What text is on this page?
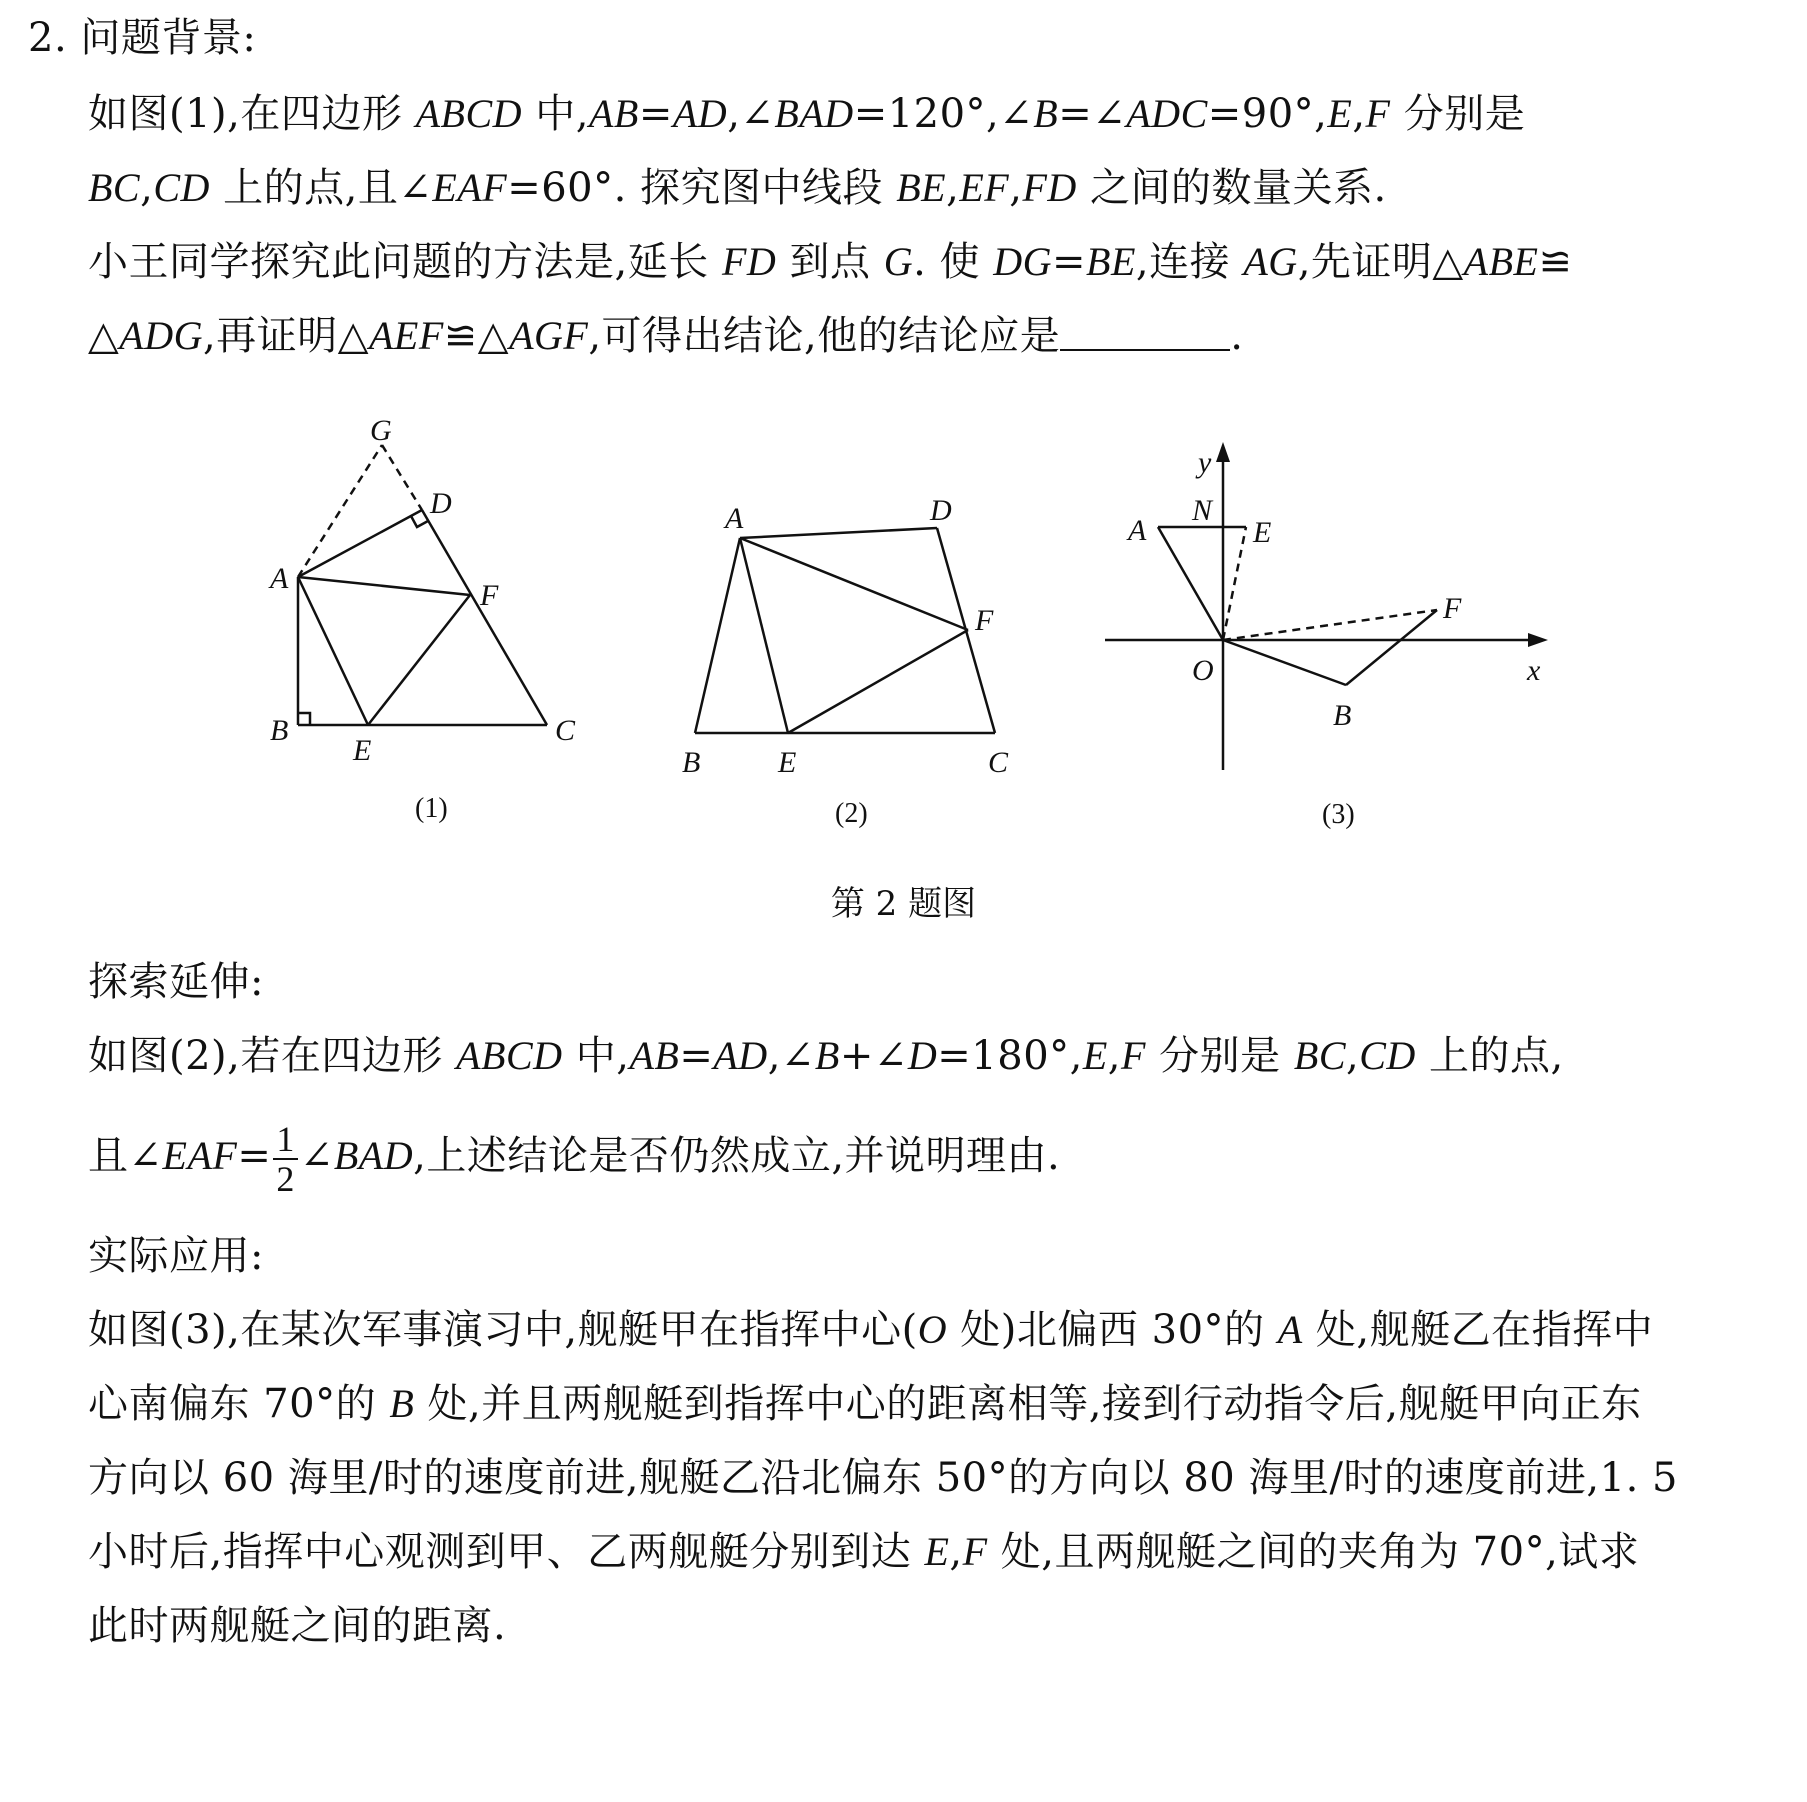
2. 问题背景:
如图(1),在四边形 ABCD 中,AB=AD,∠BAD=120°,∠B=∠ADC=90°,E,F 分别是
BC,CD 上的点,且∠EAF=60°. 探究图中线段 BE,EF,FD 之间的数量关系.
小王同学探究此问题的方法是,延长 FD 到点 G. 使 DG=BE,连接 AG,先证明△ABE≌
△ADG,再证明△AEF≌△AGF,可得出结论,他的结论应是	.
G
D
A
F
B
E
C
(1)
A	D
F
B	E	C
(2)
y
N
A	E
F
O	x
B
(3)
第 2 题图
探索延伸:
如图(2),若在四边形 ABCD 中,AB=AD,∠B+∠D=180°,E,F 分别是 BC,CD 上的点,
且∠EAF= $\frac{1}{2}$ ∠BAD,上述结论是否仍然成立,并说明理由.
实际应用:
如图(3),在某次军事演习中,舰艇甲在指挥中心(O 处)北偏西 30°的 A 处,舰艇乙在指挥中
心南偏东 70°的 B 处,并且两舰艇到指挥中心的距离相等,接到行动指令后,舰艇甲向正东
方向以 60 海里/时的速度前进,舰艇乙沿北偏东 50°的方向以 80 海里/时的速度前进,1. 5
小时后,指挥中心观测到甲、乙两舰艇分别到达 E,F 处,且两舰艇之间的夹角为 70°,试求
此时两舰艇之间的距离.
